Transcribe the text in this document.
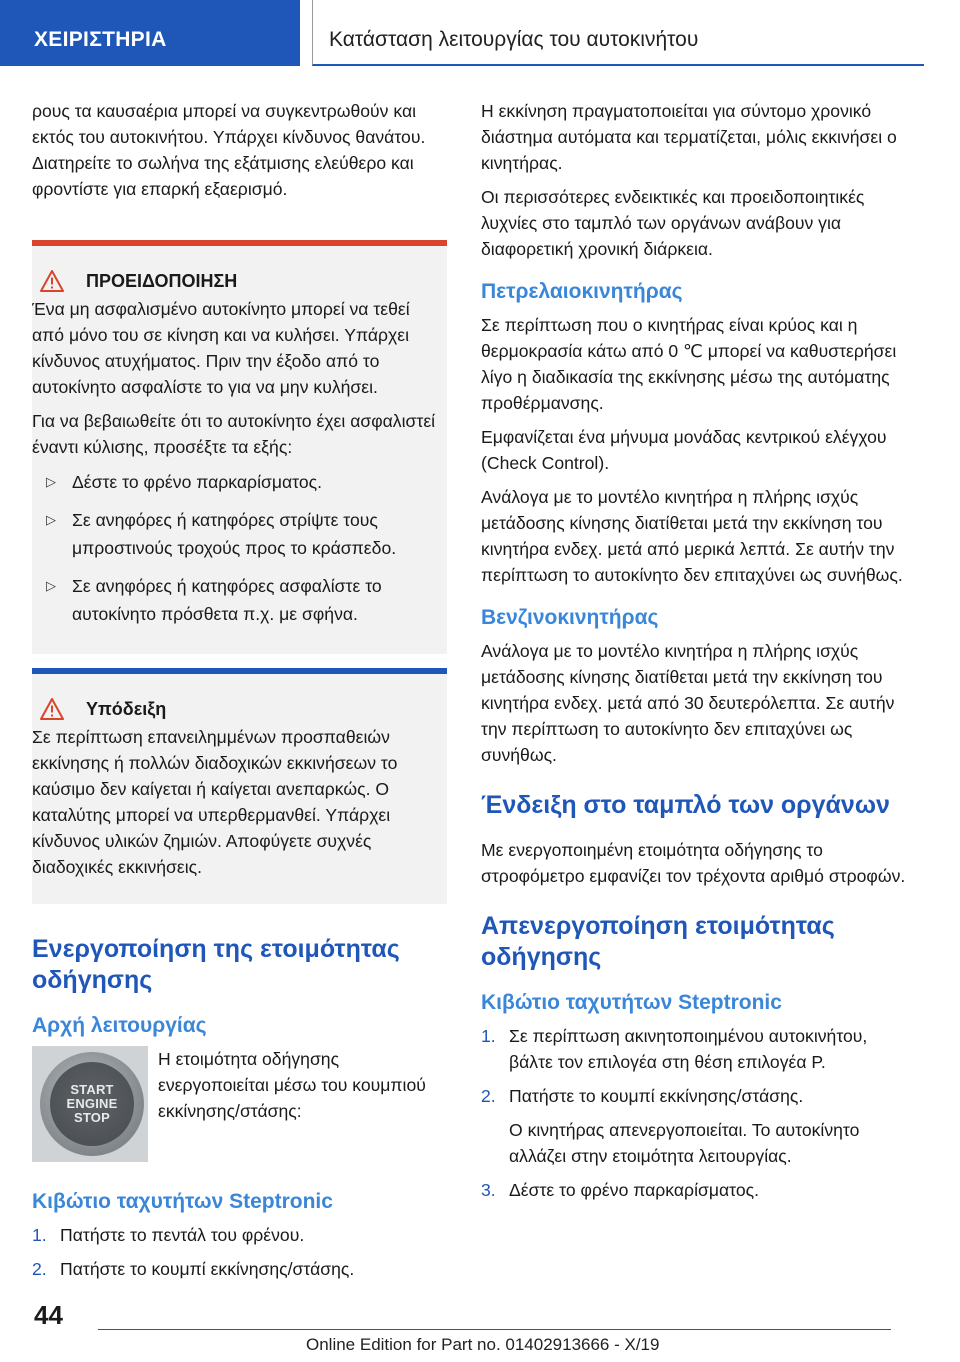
ΧΕΙΡΙΣΤΗΡΙΑ	Κατάσταση λειτουργίας του αυτοκινήτου

ρους τα καυσαέρια μπορεί να συγκεντρωθούν και εκτός του αυτοκινήτου. Υπάρχει κίνδυνος θανάτου. Διατηρείτε το σωλήνα της εξάτμισης ελεύθερο και φροντίστε για επαρκή εξαερισμό.

ΠΡΟΕΙΔΟΠΟΙΗΣΗ

Ένα μη ασφαλισμένο αυτοκίνητο μπορεί να τεθεί από μόνο του σε κίνηση και να κυλήσει. Υπάρχει κίνδυνος ατυχήματος. Πριν την έξοδο από το αυτοκίνητο ασφαλίστε το για να μην κυλήσει.

Για να βεβαιωθείτε ότι το αυτοκίνητο έχει ασφαλιστεί έναντι κύλισης, προσέξτε τα εξής:

▷ Δέστε το φρένο παρκαρίσματος.
▷ Σε ανηφόρες ή κατηφόρες στρίψτε τους μπροστινούς τροχούς προς το κράσπεδο.
▷ Σε ανηφόρες ή κατηφόρες ασφαλίστε το αυτοκίνητο πρόσθετα π.χ. με σφήνα.
Υπόδειξη

Σε περίπτωση επανειλημμένων προσπαθειών εκκίνησης ή πολλών διαδοχικών εκκινήσεων το καύσιμο δεν καίγεται ή καίγεται ανεπαρκώς. Ο καταλύτης μπορεί να υπερθερμανθεί. Υπάρχει κίνδυνος υλικών ζημιών. Αποφύγετε συχνές διαδοχικές εκκινήσεις.

Ενεργοποίηση της ετοιμότητας οδήγησης
Αρχή λειτουργίας
START
ENGINE
STOP

Η ετοιμότητα οδήγησης ενεργοποιείται μέσω του κουμπιού εκκίνησης/στάσης:

Κιβώτιο ταχυτήτων Steptronic
1. Πατήστε το πεντάλ του φρένου.
2. Πατήστε το κουμπί εκκίνησης/στάσης.

Η εκκίνηση πραγματοποιείται για σύντομο χρονικό διάστημα αυτόματα και τερματίζεται, μόλις εκκινήσει ο κινητήρας.

Οι περισσότερες ενδεικτικές και προειδοποιητικές λυχνίες στο ταμπλό των οργάνων ανάβουν για διαφορετική χρονική διάρκεια.

Πετρελαιοκινητήρας

Σε περίπτωση που ο κινητήρας είναι κρύος και η θερμοκρασία κάτω από 0 ℃ μπορεί να καθυστερήσει λίγο η διαδικασία της εκκίνησης μέσω της αυτόματης προθέρμανσης.

Εμφανίζεται ένα μήνυμα μονάδας κεντρικού ελέγχου (Check Control).

Ανάλογα με το μοντέλο κινητήρα η πλήρης ισχύς μετάδοσης κίνησης διατίθεται μετά την εκκίνηση του κινητήρα ενδεχ. μετά από μερικά λεπτά. Σε αυτήν την περίπτωση το αυτοκίνητο δεν επιταχύνει ως συνήθως.

Βενζινοκινητήρας

Ανάλογα με το μοντέλο κινητήρα η πλήρης ισχύς μετάδοσης κίνησης διατίθεται μετά την εκκίνηση του κινητήρα ενδεχ. μετά από 30 δευτερόλεπτα. Σε αυτήν την περίπτωση το αυτοκίνητο δεν επιταχύνει ως συνήθως.

Ένδειξη στο ταμπλό των οργάνων

Με ενεργοποιημένη ετοιμότητα οδήγησης το στροφόμετρο εμφανίζει τον τρέχοντα αριθμό στροφών.

Απενεργοποίηση ετοιμότητας οδήγησης
Κιβώτιο ταχυτήτων Steptronic
1. Σε περίπτωση ακινητοποιημένου αυτοκινήτου, βάλτε τον επιλογέα στη θέση επιλογέα P.
2. Πατήστε το κουμπί εκκίνησης/στάσης.

Ο κινητήρας απενεργοποιείται. Το αυτοκίνητο αλλάζει στην ετοιμότητα λειτουργίας.

3. Δέστε το φρένο παρκαρίσματος.
44
Online Edition for Part no. 01402913666 - X/19
